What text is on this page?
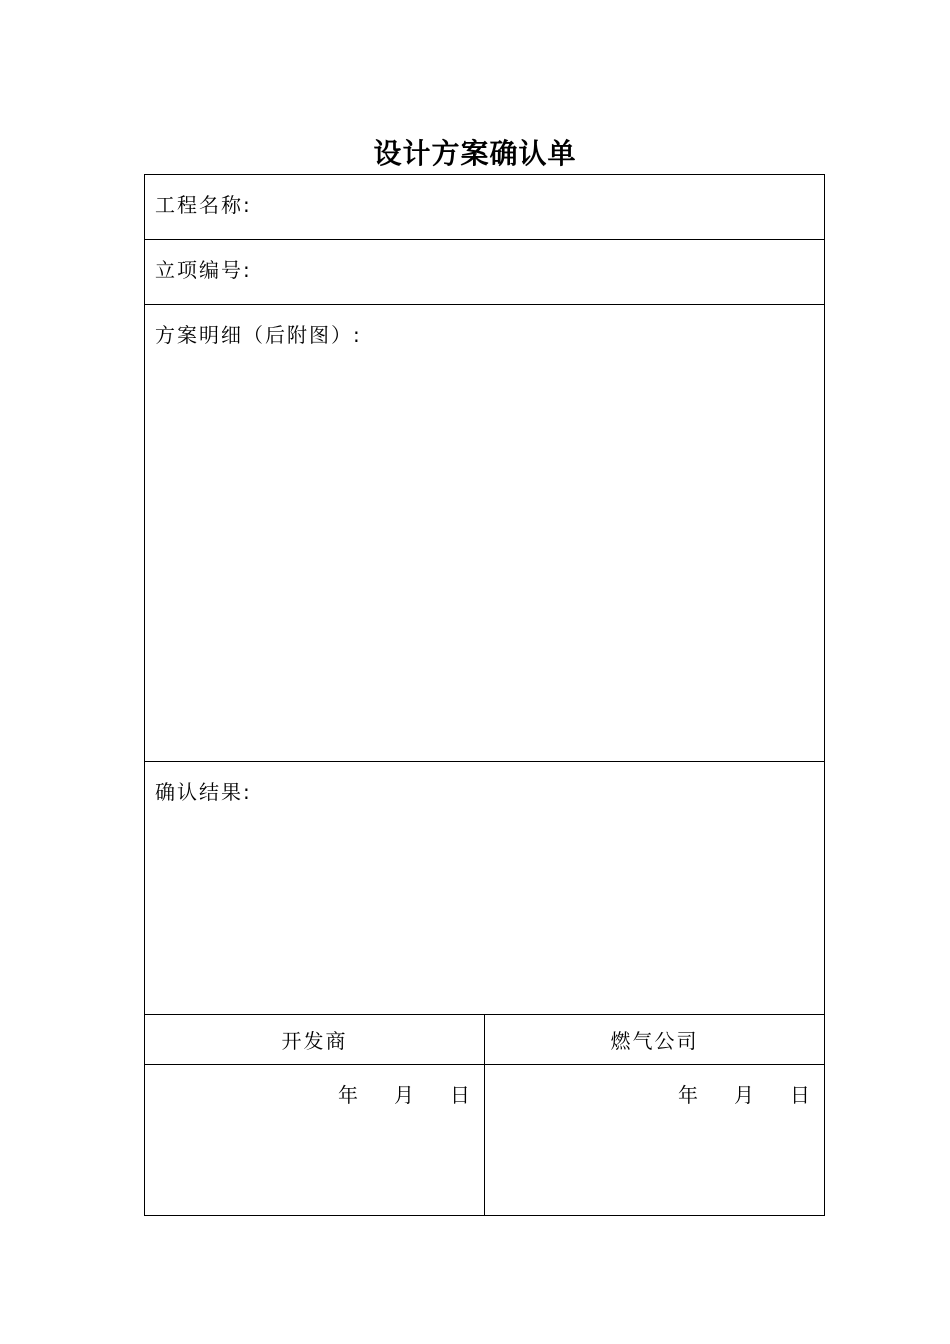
设计方案确认单
工程名称:	
立项编号:	
方案明细（后附图）:	
确认结果:	
开发商	燃气公司

年 月 日	年 月 日
